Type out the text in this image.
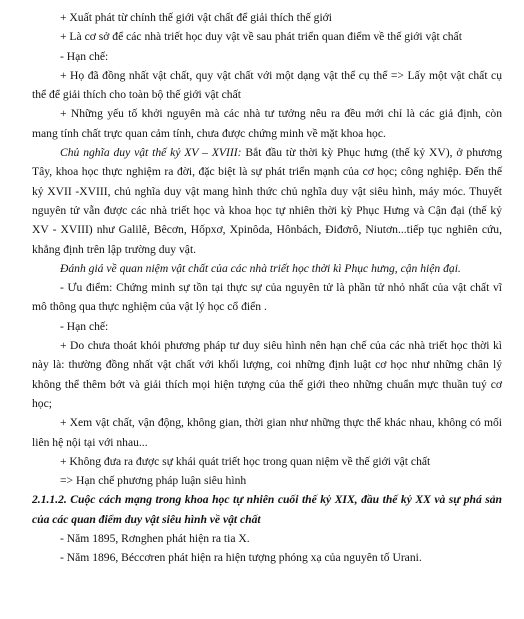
+ Xuất phát từ chính thế giới vật chất để giải thích thế giới

+ Là cơ sở để các nhà triết học duy vật về sau phát triển quan điểm về thế giới vật chất

- Hạn chế:

+ Họ đã đồng nhất vật chất, quy vật chất với một dạng vật thể cụ thể => Lấy một vật chất cụ thể để giải thích cho toàn bộ thế giới vật chất

+ Những yếu tố khởi nguyên mà các nhà tư tưởng nêu ra đều mới chỉ là các giả định, còn mang tính chất trực quan cảm tính, chưa được chứng minh về mặt khoa học.

Chủ nghĩa duy vật thế kỷ XV – XVIII: Bắt đầu từ thời kỳ Phục hưng (thế kỷ XV), ở phương Tây, khoa học thực nghiệm ra đời, đặc biệt là sự phát triển mạnh của cơ học; công nghiệp. Đến thế kỷ XVII -XVIII, chủ nghĩa duy vật mang hình thức chủ nghĩa duy vật siêu hình, máy móc. Thuyết nguyên tử vẫn được các nhà triết học và khoa học tự nhiên thời kỳ Phục Hưng và Cận đại (thế kỷ XV - XVIII) như Galilê, Bêcơn, Hốpxơ, Xpinôda, Hônbách, Điđơrô, Niutơn...tiếp tục nghiên cứu, khẳng định trên lập trường duy vật.

Đánh giá về quan niệm vật chất của các nhà triết học thời kì Phục hưng, cận hiện đại.

- Ưu điểm: Chứng minh sự tồn tại thực sự của nguyên tử là phần tử nhỏ nhất của vật chất vĩ mô thông qua thực nghiệm của vật lý học cổ điển .

- Hạn chế:

+ Do chưa thoát khỏi phương pháp tư duy siêu hình nên hạn chế của các nhà triết học thời kì này là: thường đồng nhất vật chất với khối lượng, coi những định luật cơ học như những chân lý không thể thêm bớt và giải thích mọi hiện tượng của thế giới theo những chuẩn mực thuần tuý cơ học;

+ Xem vật chất, vận động, không gian, thời gian như những thực thể khác nhau, không có mối liên hệ nội tại với nhau...

+ Không đưa ra được sự khái quát triết học trong quan niệm về thế giới vật chất

=> Hạn chế phương pháp luận siêu hình

2.1.1.2. Cuộc cách mạng trong khoa học tự nhiên cuối thế kỷ XIX, đầu thế kỷ XX và sự phá sản của các quan điểm duy vật siêu hình về vật chất

- Năm 1895, Rơnghen phát hiện ra tia X.

- Năm 1896, Béccơren phát hiện ra hiện tượng phóng xạ của nguyên tố Urani.
